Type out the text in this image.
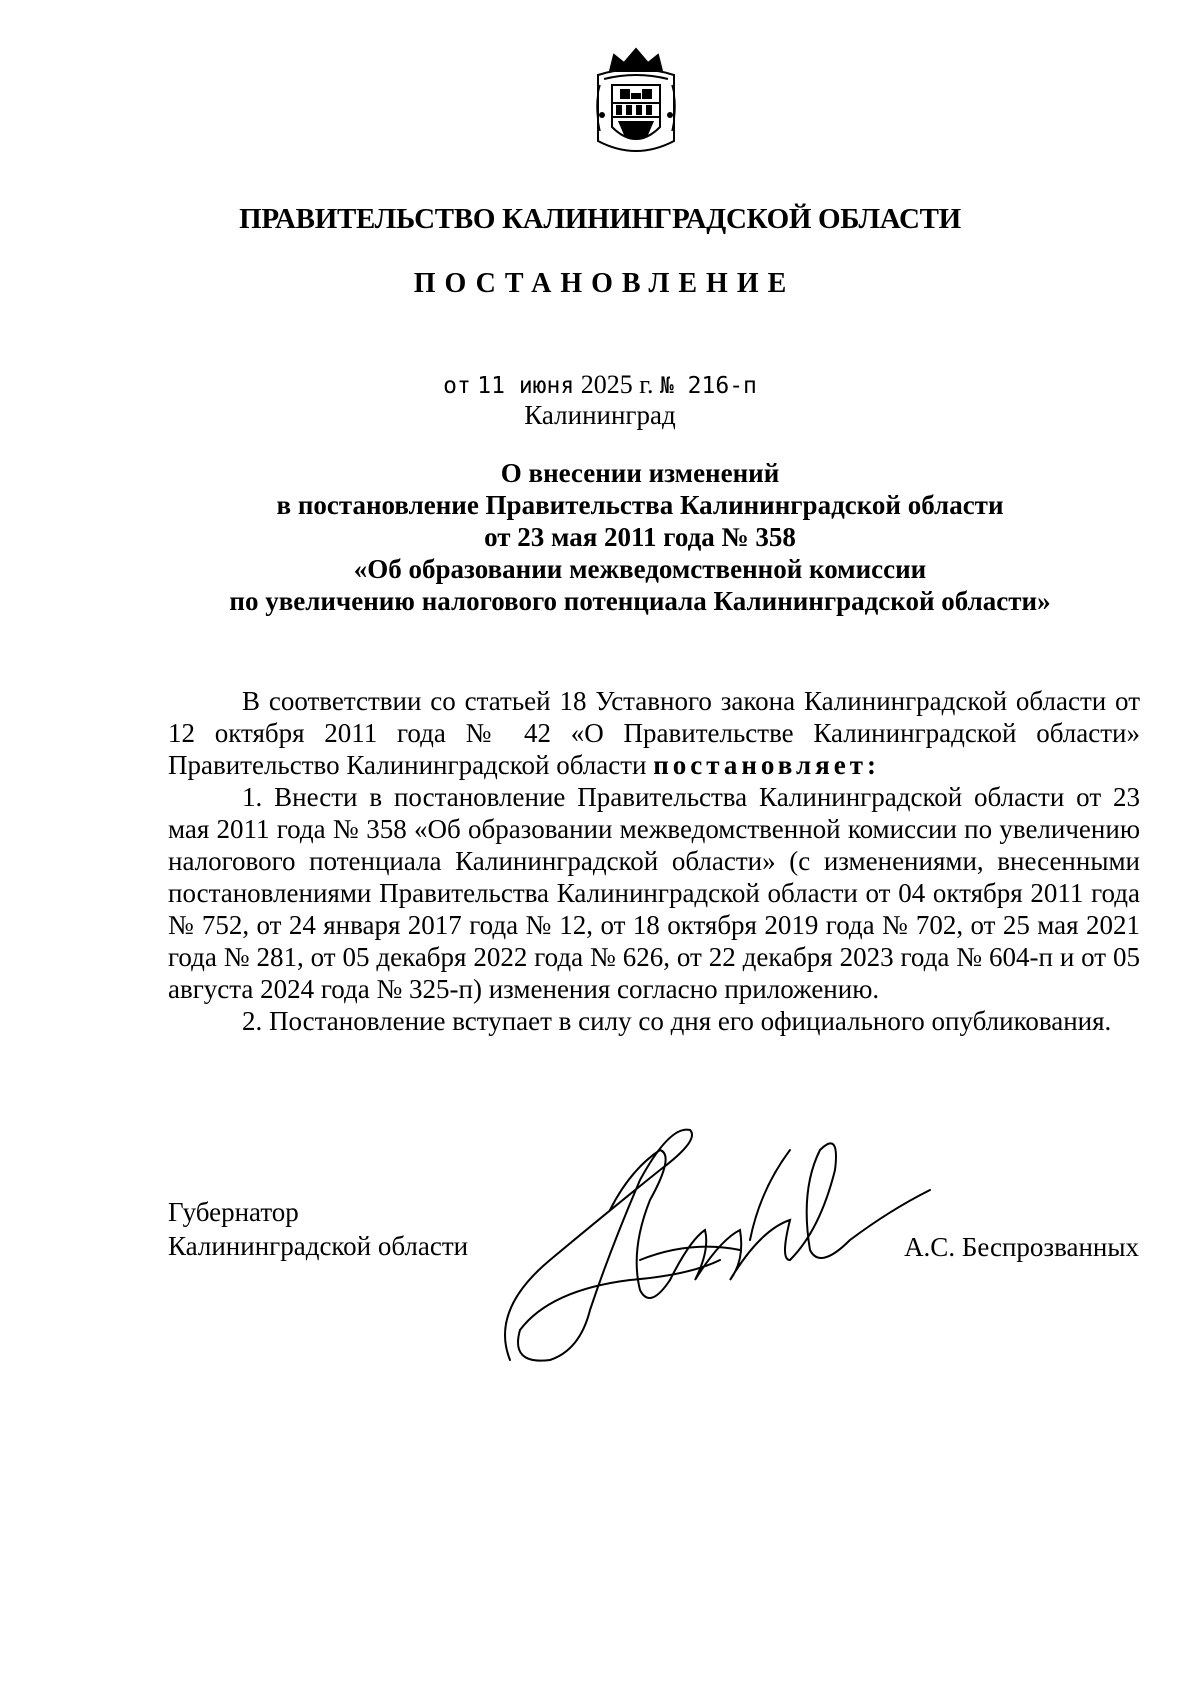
ПРАВИТЕЛЬСТВО КАЛИНИНГРАДСКОЙ ОБЛАСТИ
ПОСТАНОВЛЕНИЕ
от 11 июня 2025 г. № 216-п
Калининград
О внесении изменений
в постановление Правительства Калининградской области
от 23 мая 2011 года № 358
«Об образовании межведомственной комиссии
по увеличению налогового потенциала Калининградской области»

В соответствии со статьей 18 Уставного закона Калининградской области от 12 октября 2011 года № 42 «О Правительстве Калининградской области» Правительство Калининградской области постановляет:

1. Внести в постановление Правительства Калининградской области от 23 мая 2011 года № 358 «Об образовании межведомственной комиссии по увеличению налогового потенциала Калининградской области» (с изменениями, внесенными постановлениями Правительства Калининградской области от 04 октября 2011 года № 752, от 24 января 2017 года № 12, от 18 октября 2019 года № 702, от 25 мая 2021 года № 281, от 05 декабря 2022 года № 626, от 22 декабря 2023 года № 604-п и от 05 августа 2024 года № 325-п) изменения согласно приложению.

2. Постановление вступает в силу со дня его официального опубликования.

Губернатор
Калининградской области	А.С. Беспрозванных
